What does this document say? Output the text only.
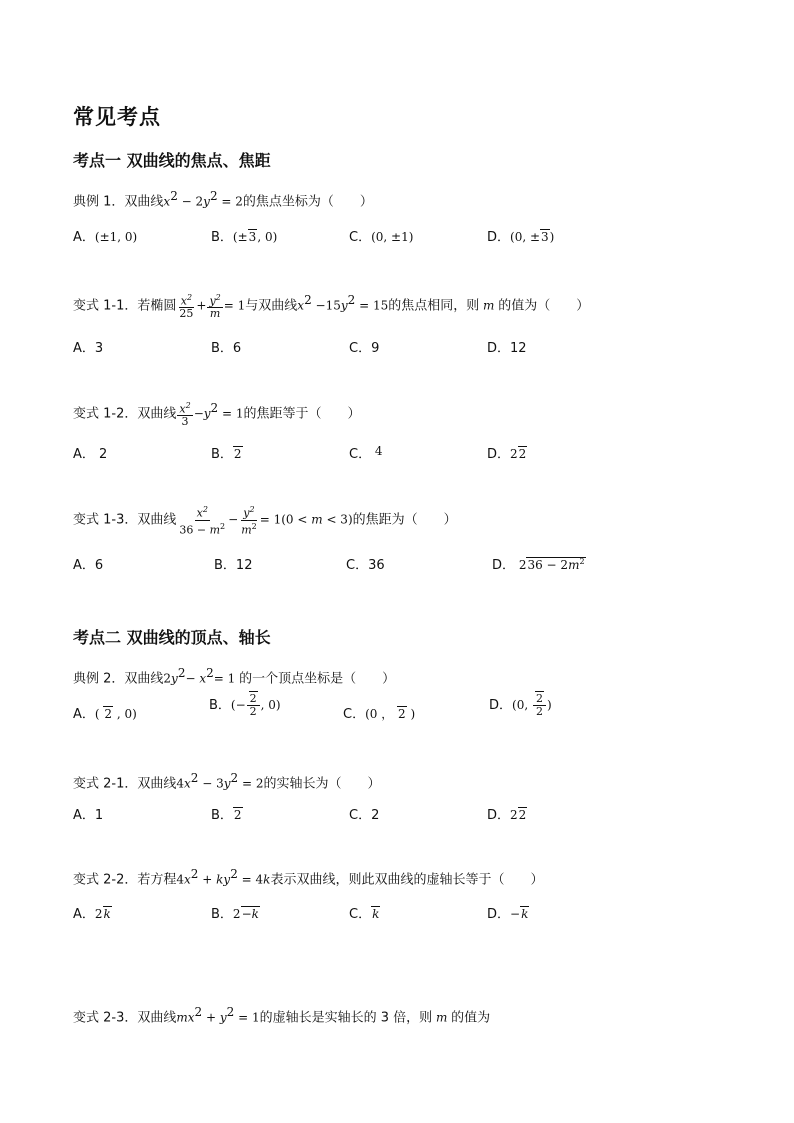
常见考点
考点一 双曲线的焦点、焦距
典例 1．双曲线$x^2 - 2y^2 = 2$的焦点坐标为（　　）
A．(±1, 0)	B．(±3, 0)	C．(0, ±1)	D．(0, ±3)
变式 1-1．若椭圆 $\frac{x^2}{25} + \frac{y^2}{m} = 1$与双曲线$x^2 -15y^2 = 15$的焦点相同，则 m 的值为（　　）
A．3	B．6	C．9	D．12
变式 1-2．双曲线 $\frac{x^2}{3} -y^2 = 1$的焦距等于（　　）
A． 2	B．2	C． 4	D．22
变式 1-3．双曲线 $\frac{x^2}{36 - m^2} - \frac{y^2}{m^2} = 1(0 < m < 3)$的焦距为（　　）
A．6	B．12	C．36	D． $236 - 2m^2$
考点二 双曲线的顶点、轴长
典例 2．双曲线$2y^2- x^2= 1$ 的一个顶点坐标是（　　）
A．( 2 , 0)
B．(− $\frac{2}{2}$ , 0)
C．(0 ， 2 )
D．(0, $\frac{2}{2}$ )
变式 2-1．双曲线$4x^2 - 3y^2 = 2$的实轴长为（　　）
A．1	B．2	C．2	D．22
变式 2-2．若方程$4x^2 + ky^2 = 4k$表示双曲线，则此双曲线的虚轴长等于（　　）
A．2k	B．2−k	C．k	D．−k
变式 2-3．双曲线$mx^2 + y^2 = 1$的虚轴长是实轴长的 3 倍，则 m 的值为
